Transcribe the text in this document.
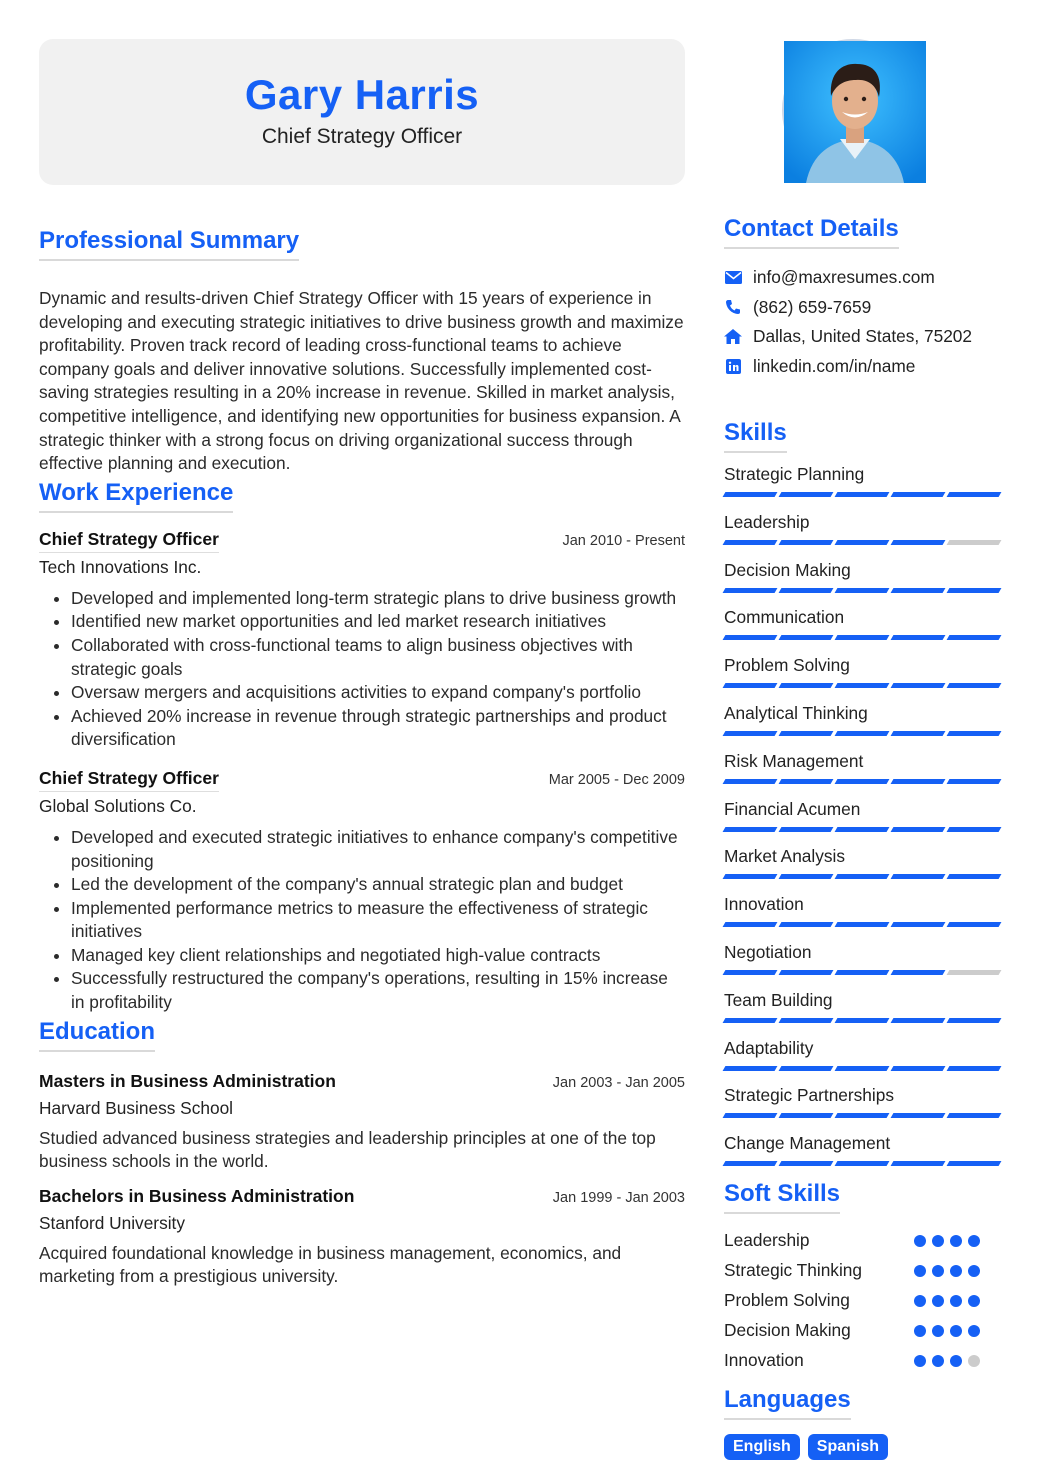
Gary Harris
Chief Strategy Officer
Professional Summary

Dynamic and results-driven Chief Strategy Officer with 15 years of experience in developing and executing strategic initiatives to drive business growth and maximize profitability. Proven track record of leading cross-functional teams to achieve company goals and deliver innovative solutions. Successfully implemented cost-saving strategies resulting in a 20% increase in revenue. Skilled in market analysis, competitive intelligence, and identifying new opportunities for business expansion. A strategic thinker with a strong focus on driving organizational success through effective planning and execution.

Work Experience
Chief Strategy Officer	Jan 2010 - Present
Tech Innovations Inc.
• Developed and implemented long-term strategic plans to drive business growth
• Identified new market opportunities and led market research initiatives
• Collaborated with cross-functional teams to align business objectives with strategic goals
• Oversaw mergers and acquisitions activities to expand company's portfolio
• Achieved 20% increase in revenue through strategic partnerships and product diversification
Chief Strategy Officer	Mar 2005 - Dec 2009
Global Solutions Co.
• Developed and executed strategic initiatives to enhance company's competitive positioning
• Led the development of the company's annual strategic plan and budget
• Implemented performance metrics to measure the effectiveness of strategic initiatives
• Managed key client relationships and negotiated high-value contracts
• Successfully restructured the company's operations, resulting in 15% increase in profitability
Education
Masters in Business Administration	Jan 2003 - Jan 2005
Harvard Business School

Studied advanced business strategies and leadership principles at one of the top business schools in the world.

Bachelors in Business Administration	Jan 1999 - Jan 2003
Stanford University

Acquired foundational knowledge in business management, economics, and marketing from a prestigious university.

Contact Details
info@maxresumes.com
(862) 659-7659
Dallas, United States, 75202
linkedin.com/in/name
Skills
Strategic Planning
Leadership
Decision Making
Communication
Problem Solving
Analytical Thinking
Risk Management
Financial Acumen
Market Analysis
Innovation
Negotiation
Team Building
Adaptability
Strategic Partnerships
Change Management
Soft Skills
Leadership
Strategic Thinking
Problem Solving
Decision Making
Innovation
Languages
English	Spanish
